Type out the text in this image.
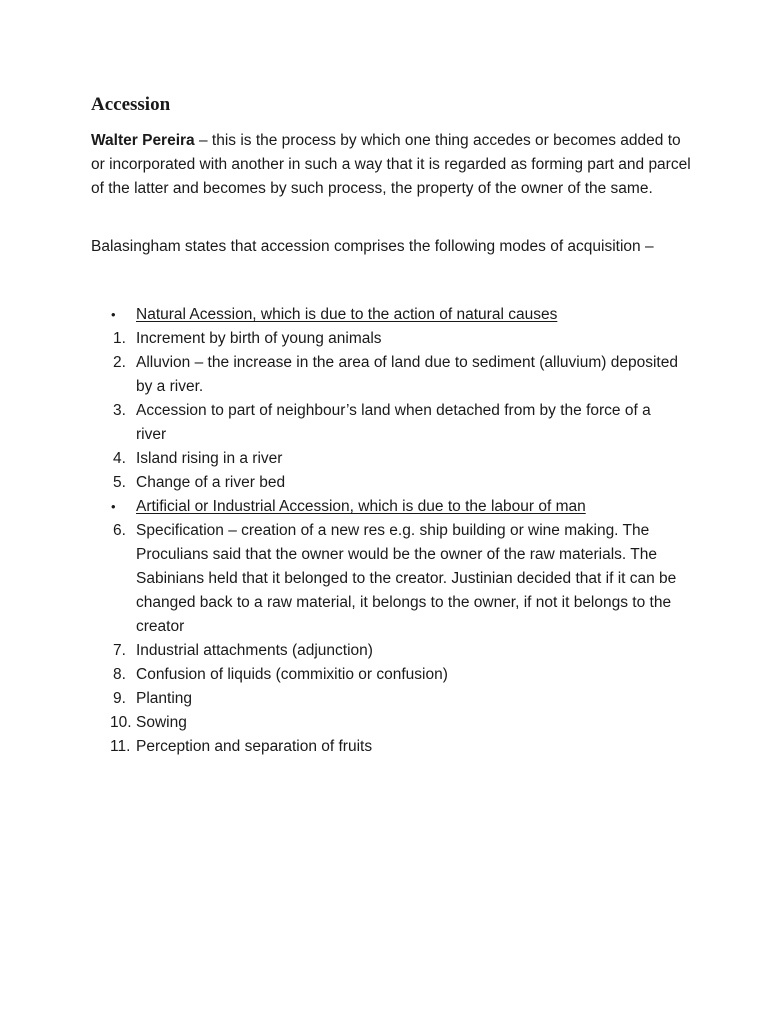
Accession

Walter Pereira – this is the process by which one thing accedes or becomes added to or incorporated with another in such a way that it is regarded as forming part and parcel of the latter and becomes by such process, the property of the owner of the same.

Balasingham states that accession comprises the following modes of acquisition –

• Natural Acession, which is due to the action of natural causes
1. Increment by birth of young animals
2. Alluvion – the increase in the area of land due to sediment (alluvium) deposited by a river.
3. Accession to part of neighbour’s land when detached from by the force of a river
4. Island rising in a river
5. Change of a river bed
• Artificial or Industrial Accession, which is due to the labour of man
6. Specification – creation of a new res e.g. ship building or wine making. The Proculians said that the owner would be the owner of the raw materials. The Sabinians held that it belonged to the creator. Justinian decided that if it can be changed back to a raw material, it belongs to the owner, if not it belongs to the creator
7. Industrial attachments (adjunction)
8. Confusion of liquids (commixitio or confusion)
9. Planting
10. Sowing
11. Perception and separation of fruits
